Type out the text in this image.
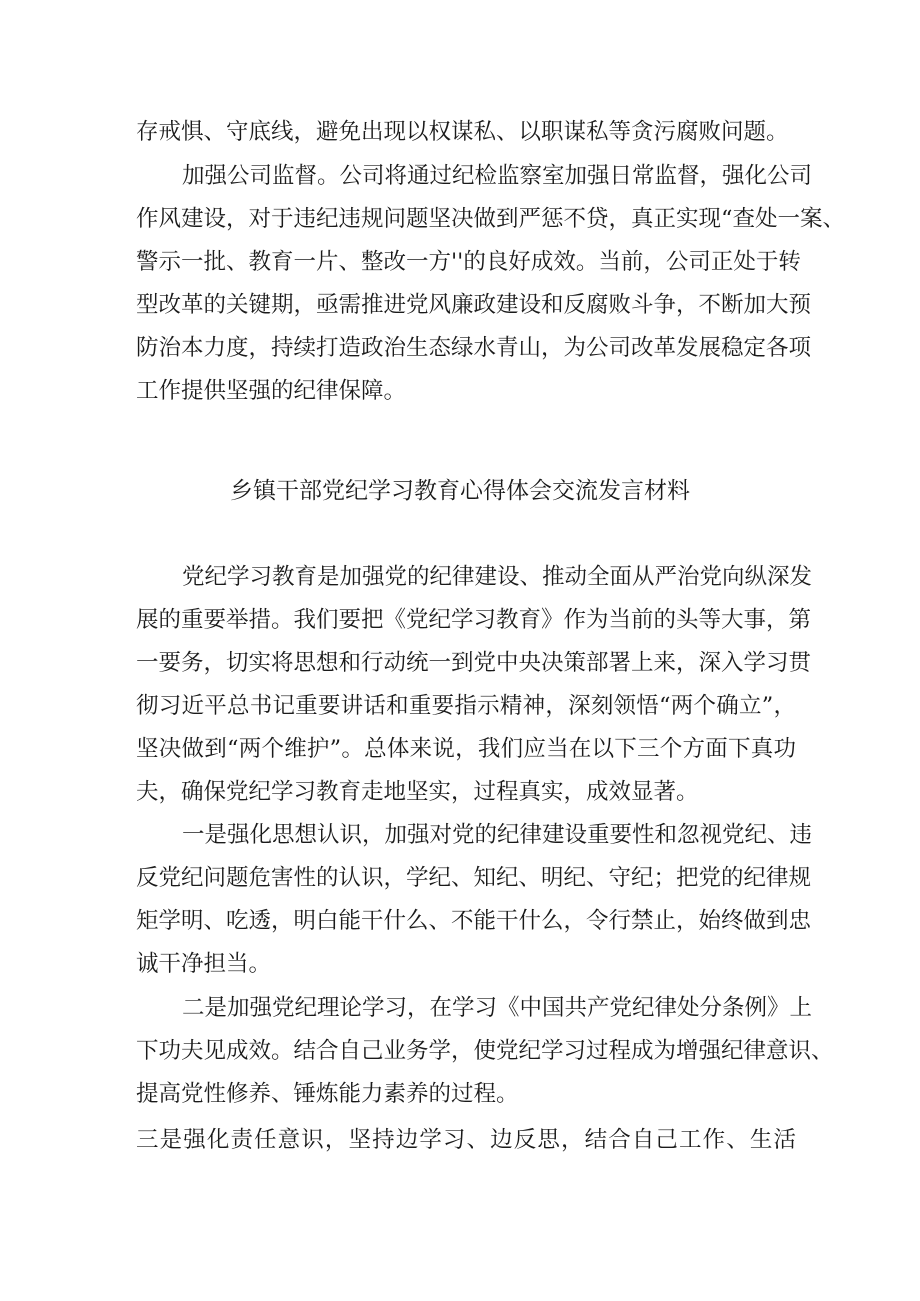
存戒惧、守底线，避免出现以权谋私、以职谋私等贪污腐败问题。
加强公司监督。公司将通过纪检监察室加强日常监督，强化公司
作风建设，对于违纪违规问题坚决做到严惩不贷，真正实现“查处一案、
警示一批、教育一片、整改一方''的良好成效。当前，公司正处于转
型改革的关键期，亟需推进党风廉政建设和反腐败斗争，不断加大预
防治本力度，持续打造政治生态绿水青山，为公司改革发展稳定各项
工作提供坚强的纪律保障。
乡镇干部党纪学习教育心得体会交流发言材料
党纪学习教育是加强党的纪律建设、推动全面从严治党向纵深发
展的重要举措。我们要把《党纪学习教育》作为当前的头等大事，第
一要务，切实将思想和行动统一到党中央决策部署上来，深入学习贯
彻习近平总书记重要讲话和重要指示精神，深刻领悟“两个确立”，
坚决做到“两个维护”。总体来说，我们应当在以下三个方面下真功
夫，确保党纪学习教育走地坚实，过程真实，成效显著。
一是强化思想认识，加强对党的纪律建设重要性和忽视党纪、违
反党纪问题危害性的认识，学纪、知纪、明纪、守纪；把党的纪律规
矩学明、吃透，明白能干什么、不能干什么，令行禁止，始终做到忠
诚干净担当。
二是加强党纪理论学习，在学习《中国共产党纪律处分条例》上
下功夫见成效。结合自己业务学，使党纪学习过程成为增强纪律意识、
提高党性修养、锤炼能力素养的过程。
三是强化责任意识，坚持边学习、边反思，结合自己工作、生活
